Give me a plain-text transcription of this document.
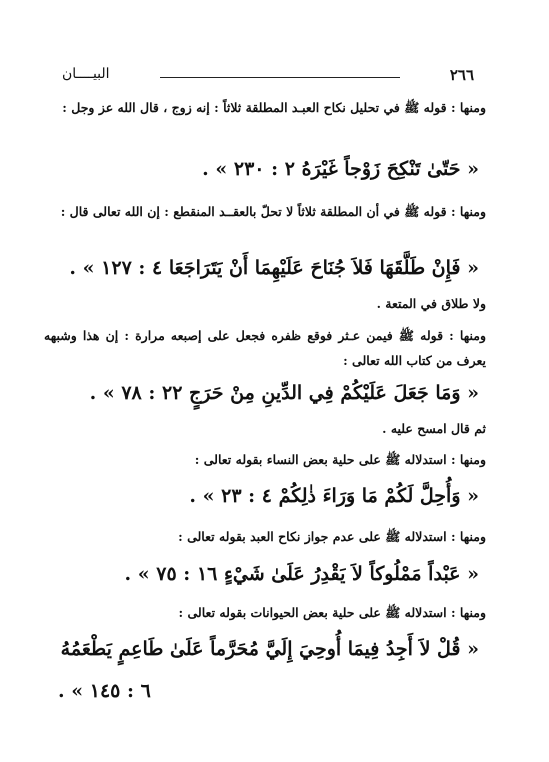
٢٦٦
البيــــان
ومنها : قوله ﷺ في تحليل نكاح العبـد المطلقة ثلاثاً : إنه زوج ، قال الله عز وجل :
« حَتّىٰ تَنْكِحَ زَوْجاً غَيْرَهُ ٢ : ٢٣٠ » .
ومنها : قوله ﷺ في أن المطلقة ثلاثاً لا تحلّ بالعقــد المنقطع : إن الله تعالى قال :
« فَإِنْ طَلَّقَهَا فَلاَ جُنَاحَ عَلَيْهِمَا أَنْ يَتَرَاجَعَا ٤ : ١٢٧ » .
ولا طلاق في المتعة .
ومنها : قوله ﷺ فيمن عـثر فوقع ظفره فجعل على إصبعه مرارة : إن هذا وشبهه يعرف من كتاب الله تعالى :
« وَمَا جَعَلَ عَلَيْكُمْ فِي الدِّينِ مِنْ حَرَجٍ ٢٢ : ٧٨ » .
ثم قال امسح عليه .
ومنها : استدلاله ﷺ على حلية بعض النساء بقوله تعالى :
« وَأُحِلَّ لَكُمْ مَا وَرَاءَ ذٰلِكُمْ ٤ : ٢٣ » .
ومنها : استدلاله ﷺ على عدم جواز نكاح العبد بقوله تعالى :
« عَبْداً مَمْلُوكاً لاَ يَقْدِرُ عَلَىٰ شَيْءٍ ١٦ : ٧٥ » .
ومنها : استدلاله ﷺ على حلية بعض الحيوانات بقوله تعالى :
« قُلْ لاَ أَجِدُ فِيمَا أُوحِيَ إِلَيَّ مُحَرَّماً عَلَىٰ طَاعِمٍ يَطْعَمُهُ
٦ : ١٤٥ » .
